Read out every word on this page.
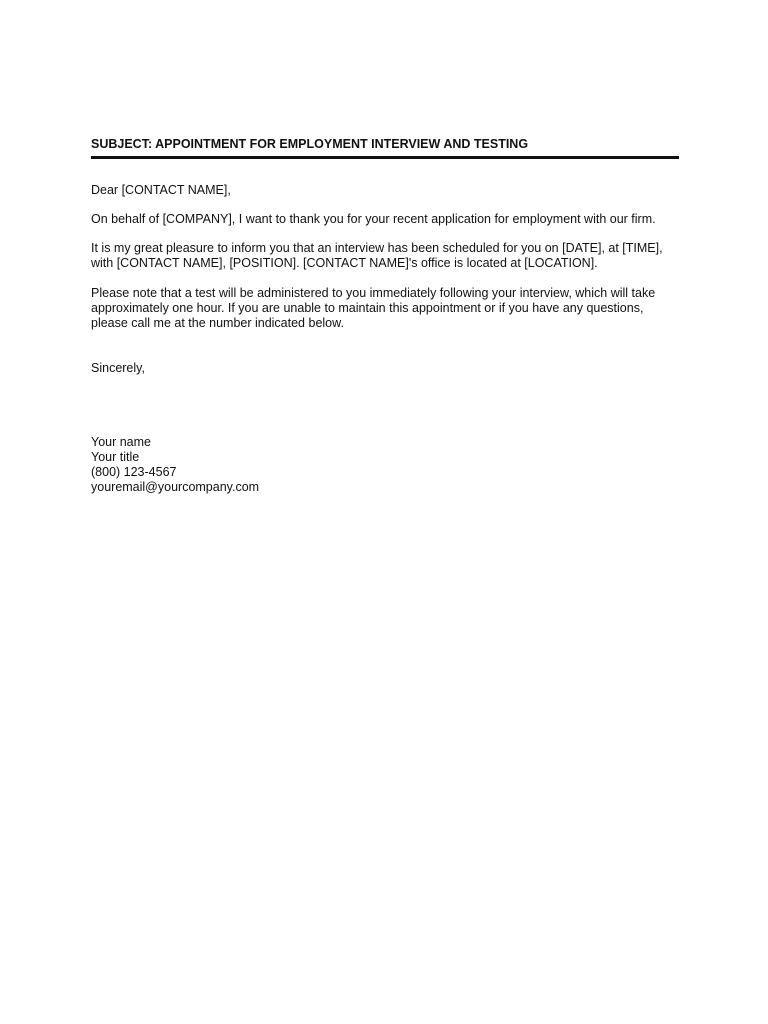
SUBJECT: APPOINTMENT FOR EMPLOYMENT INTERVIEW AND TESTING
Dear [CONTACT NAME],
On behalf of [COMPANY], I want to thank you for your recent application for employment with our firm.
It is my great pleasure to inform you that an interview has been scheduled for you on [DATE], at [TIME],
with [CONTACT NAME], [POSITION]. [CONTACT NAME]'s office is located at [LOCATION].
Please note that a test will be administered to you immediately following your interview, which will take
approximately one hour. If you are unable to maintain this appointment or if you have any questions,
please call me at the number indicated below.
Sincerely,
Your name
Your title
(800) 123-4567
youremail@yourcompany.com
